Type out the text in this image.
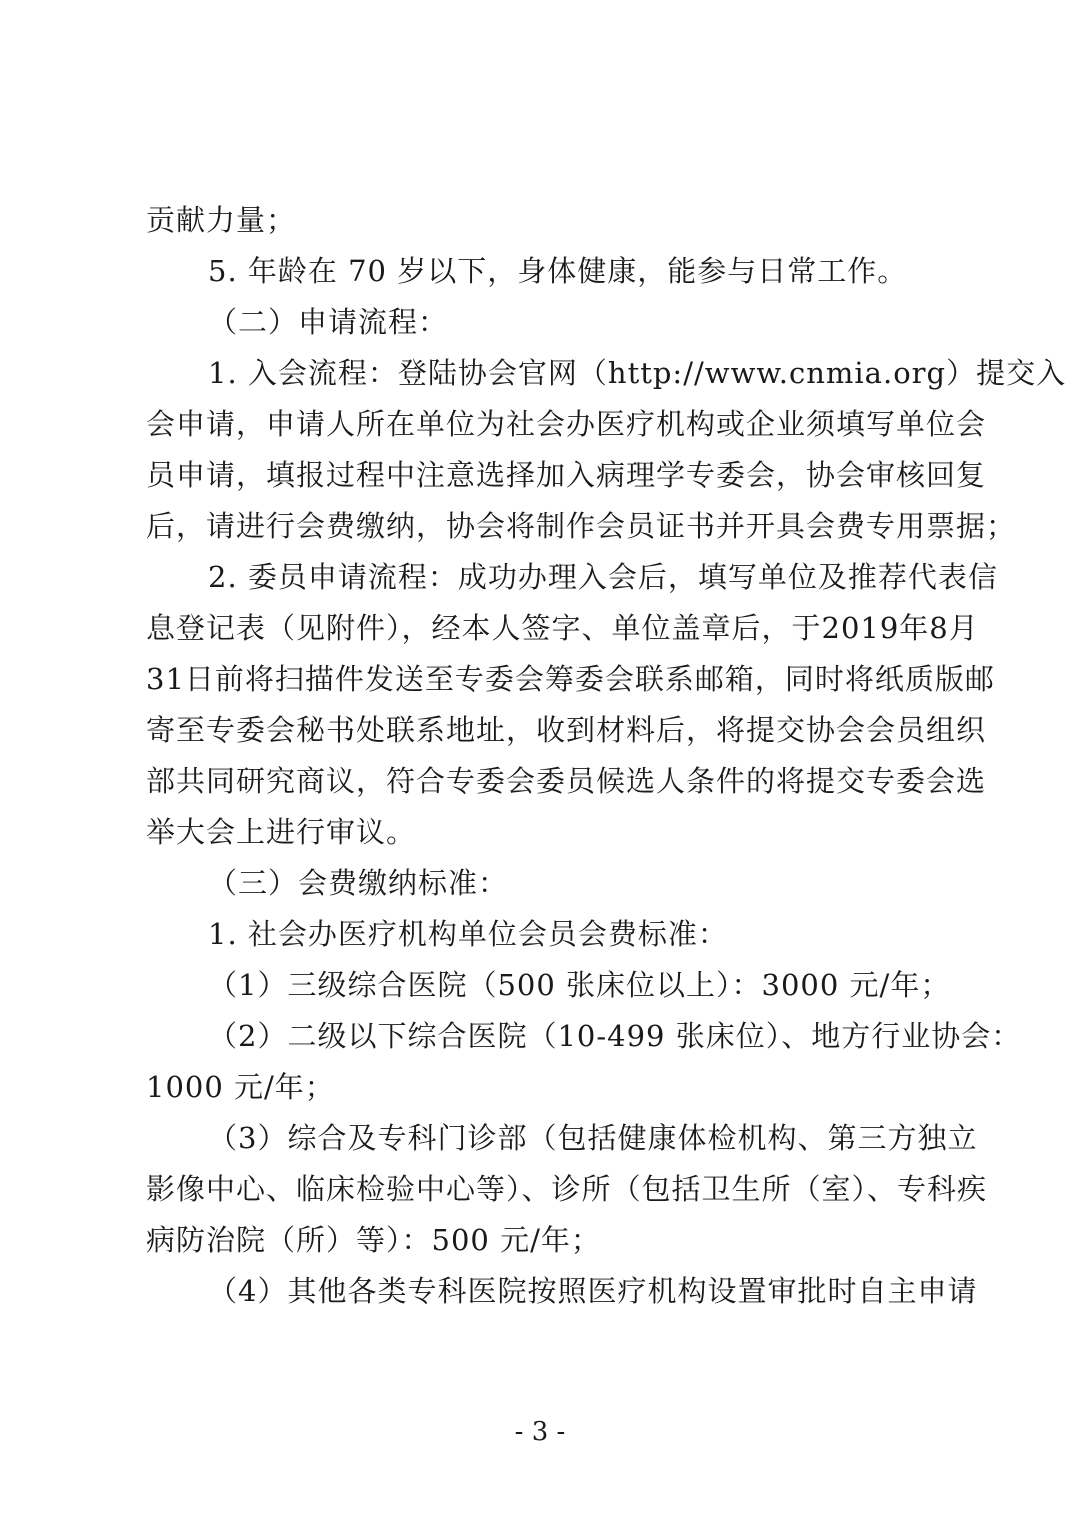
贡献力量；

5. 年龄在 70 岁以下，身体健康，能参与日常工作。

（二）申请流程：

1. 入会流程：登陆协会官网（http://www.cnmia.org）提交入

会申请，申请人所在单位为社会办医疗机构或企业须填写单位会

员申请，填报过程中注意选择加入病理学专委会，协会审核回复

后，请进行会费缴纳，协会将制作会员证书并开具会费专用票据；

2. 委员申请流程：成功办理入会后，填写单位及推荐代表信

息登记表（见附件），经本人签字、单位盖章后，于2019年8月

31日前将扫描件发送至专委会筹委会联系邮箱，同时将纸质版邮

寄至专委会秘书处联系地址，收到材料后，将提交协会会员组织

部共同研究商议，符合专委会委员候选人条件的将提交专委会选

举大会上进行审议。

（三）会费缴纳标准：

1. 社会办医疗机构单位会员会费标准：

（1）三级综合医院（500 张床位以上）：3000 元/年；

（2）二级以下综合医院（10-499 张床位）、地方行业协会：

1000 元/年；

（3）综合及专科门诊部（包括健康体检机构、第三方独立

影像中心、临床检验中心等）、诊所（包括卫生所（室）、专科疾

病防治院（所）等）：500 元/年；

（4）其他各类专科医院按照医疗机构设置审批时自主申请

- 3 -
